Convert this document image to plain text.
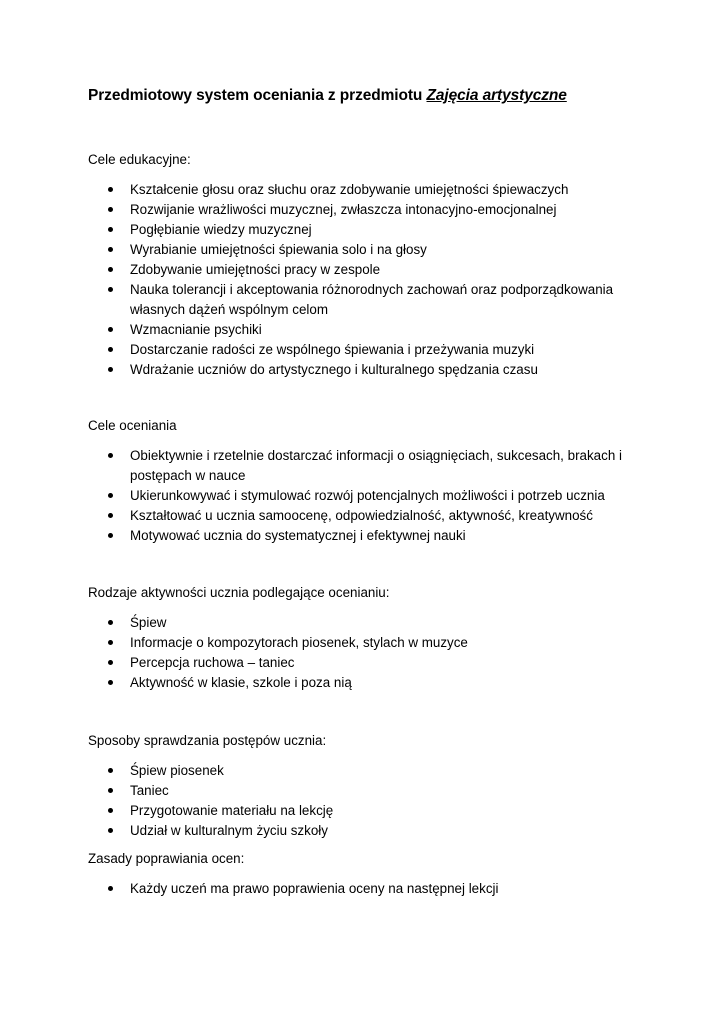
Przedmiotowy system oceniania z przedmiotu Zajęcia artystyczne
Cele edukacyjne:
Kształcenie głosu oraz słuchu oraz zdobywanie umiejętności śpiewaczych
Rozwijanie wrażliwości muzycznej, zwłaszcza intonacyjno-emocjonalnej
Pogłębianie wiedzy muzycznej
Wyrabianie umiejętności śpiewania solo i na głosy
Zdobywanie umiejętności pracy w zespole
Nauka tolerancji i akceptowania różnorodnych zachowań oraz podporządkowania własnych dążeń wspólnym celom
Wzmacnianie psychiki
Dostarczanie radości ze wspólnego śpiewania i przeżywania muzyki
Wdrażanie uczniów do artystycznego i kulturalnego spędzania czasu
Cele oceniania
Obiektywnie i rzetelnie dostarczać informacji o osiągnięciach, sukcesach, brakach i postępach w nauce
Ukierunkowywać i stymulować rozwój potencjalnych możliwości i potrzeb ucznia
Kształtować u ucznia samoocenę, odpowiedzialność, aktywność, kreatywność
Motywować ucznia do systematycznej i efektywnej nauki
Rodzaje aktywności ucznia podlegające ocenianiu:
Śpiew
Informacje o kompozytorach piosenek, stylach w muzyce
Percepcja ruchowa – taniec
Aktywność w klasie, szkole i poza nią
Sposoby sprawdzania postępów ucznia:
Śpiew piosenek
Taniec
Przygotowanie materiału na lekcję
Udział w kulturalnym życiu szkoły
Zasady poprawiania ocen:
Każdy uczeń ma prawo poprawienia oceny na następnej lekcji
